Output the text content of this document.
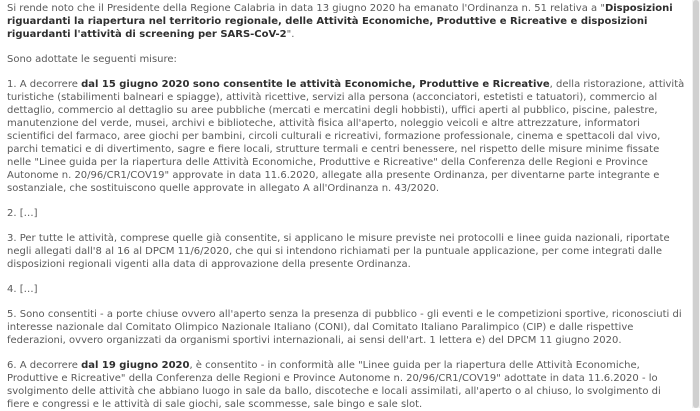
Si rende noto che il Presidente della Regione Calabria in data 13 giugno 2020 ha emanato l'Ordinanza n. 51 relativa a "Disposizioni riguardanti la riapertura nel territorio regionale, delle Attività Economiche, Produttive e Ricreative e disposizioni riguardanti l'attività di screening per SARS-CoV-2".

Sono adottate le seguenti misure:

1. A decorrere dal 15 giugno 2020 sono consentite le attività Economiche, Produttive e Ricreative, della ristorazione, attività turistiche (stabilimenti balneari e spiagge), attività ricettive, servizi alla persona (acconciatori, estetisti e tatuatori), commercio al dettaglio, commercio al dettaglio su aree pubbliche (mercati e mercatini degli hobbisti), uffici aperti al pubblico, piscine, palestre, manutenzione del verde, musei, archivi e biblioteche, attività fisica all'aperto, noleggio veicoli e altre attrezzature, informatori scientifici del farmaco, aree giochi per bambini, circoli culturali e ricreativi, formazione professionale, cinema e spettacoli dal vivo, parchi tematici e di divertimento, sagre e fiere locali, strutture termali e centri benessere, nel rispetto delle misure minime fissate nelle "Linee guida per la riapertura delle Attività Economiche, Produttive e Ricreative" della Conferenza delle Regioni e Province Autonome n. 20/96/CR1/COV19" approvate in data 11.6.2020, allegate alla presente Ordinanza, per diventarne parte integrante e sostanziale, che sostituiscono quelle approvate in allegato A all'Ordinanza n. 43/2020.

2. […]

3. Per tutte le attività, comprese quelle già consentite, si applicano le misure previste nei protocolli e linee guida nazionali, riportate negli allegati dall'8 al 16 al DPCM 11/6/2020, che qui si intendono richiamati per la puntuale applicazione, per come integrati dalle disposizioni regionali vigenti alla data di approvazione della presente Ordinanza.

4. […]

5. Sono consentiti - a porte chiuse ovvero all'aperto senza la presenza di pubblico - gli eventi e le competizioni sportive, riconosciuti di interesse nazionale dal Comitato Olimpico Nazionale Italiano (CONI), dal Comitato Italiano Paralimpico (CIP) e dalle rispettive federazioni, ovvero organizzati da organismi sportivi internazionali, ai sensi dell'art. 1 lettera e) del DPCM 11 giugno 2020.

6. A decorrere dal 19 giugno 2020, è consentito - in conformità alle "Linee guida per la riapertura delle Attività Economiche, Produttive e Ricreative" della Conferenza delle Regioni e Province Autonome n. 20/96/CR1/COV19" adottate in data 11.6.2020 - lo svolgimento delle attività che abbiano luogo in sale da ballo, discoteche e locali assimilati, all'aperto o al chiuso, lo svolgimento di fiere e congressi e le attività di sale giochi, sale scommesse, sale bingo e sale slot.
